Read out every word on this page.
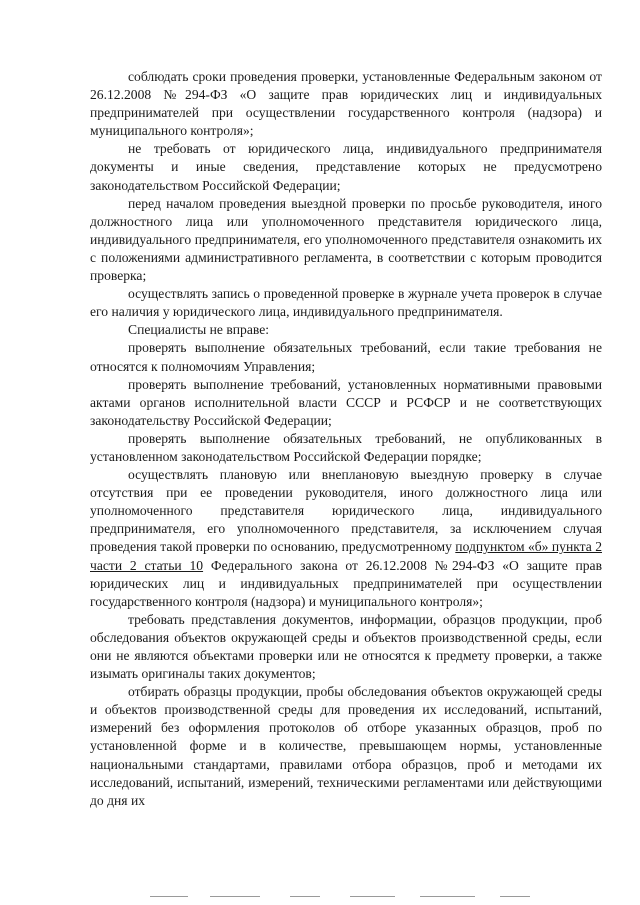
соблюдать сроки проведения проверки, установленные Федеральным законом от 26.12.2008 №294-ФЗ «О защите прав юридических лиц и индивидуальных предпринимателей при осуществлении государственного контроля (надзора) и муниципального контроля»;

не требовать от юридического лица, индивидуального предпринимателя документы и иные сведения, представление которых не предусмотрено законодательством Российской Федерации;

перед началом проведения выездной проверки по просьбе руководителя, иного должностного лица или уполномоченного представителя юридического лица, индивидуального предпринимателя, его уполномоченного представителя ознакомить их с положениями административного регламента, в соответствии с которым проводится проверка;

осуществлять запись о проведенной проверке в журнале учета проверок в случае его наличия у юридического лица, индивидуального предпринимателя.

Специалисты не вправе:

проверять выполнение обязательных требований, если такие требования не относятся к полномочиям Управления;

проверять выполнение требований, установленных нормативными правовыми актами органов исполнительной власти СССР и РСФСР и не соответствующих законодательству Российской Федерации;

проверять выполнение обязательных требований, не опубликованных в установленном законодательством Российской Федерации порядке;

осуществлять плановую или внеплановую выездную проверку в случае отсутствия при ее проведении руководителя, иного должностного лица или уполномоченного представителя юридического лица, индивидуального предпринимателя, его уполномоченного представителя, за исключением случая проведения такой проверки по основанию, предусмотренному подпунктом «б» пункта 2 части 2 статьи 10 Федерального закона от 26.12.2008 №294-ФЗ «О защите прав юридических лиц и индивидуальных предпринимателей при осуществлении государственного контроля (надзора) и муниципального контроля»;

требовать представления документов, информации, образцов продукции, проб обследования объектов окружающей среды и объектов производственной среды, если они не являются объектами проверки или не относятся к предмету проверки, а также изымать оригиналы таких документов;

отбирать образцы продукции, пробы обследования объектов окружающей среды и объектов производственной среды для проведения их исследований, испытаний, измерений без оформления протоколов об отборе указанных образцов, проб по установленной форме и в количестве, превышающем нормы, установленные национальными стандартами, правилами отбора образцов, проб и методами их исследований, испытаний, измерений, техническими регламентами или действующими до дня их
